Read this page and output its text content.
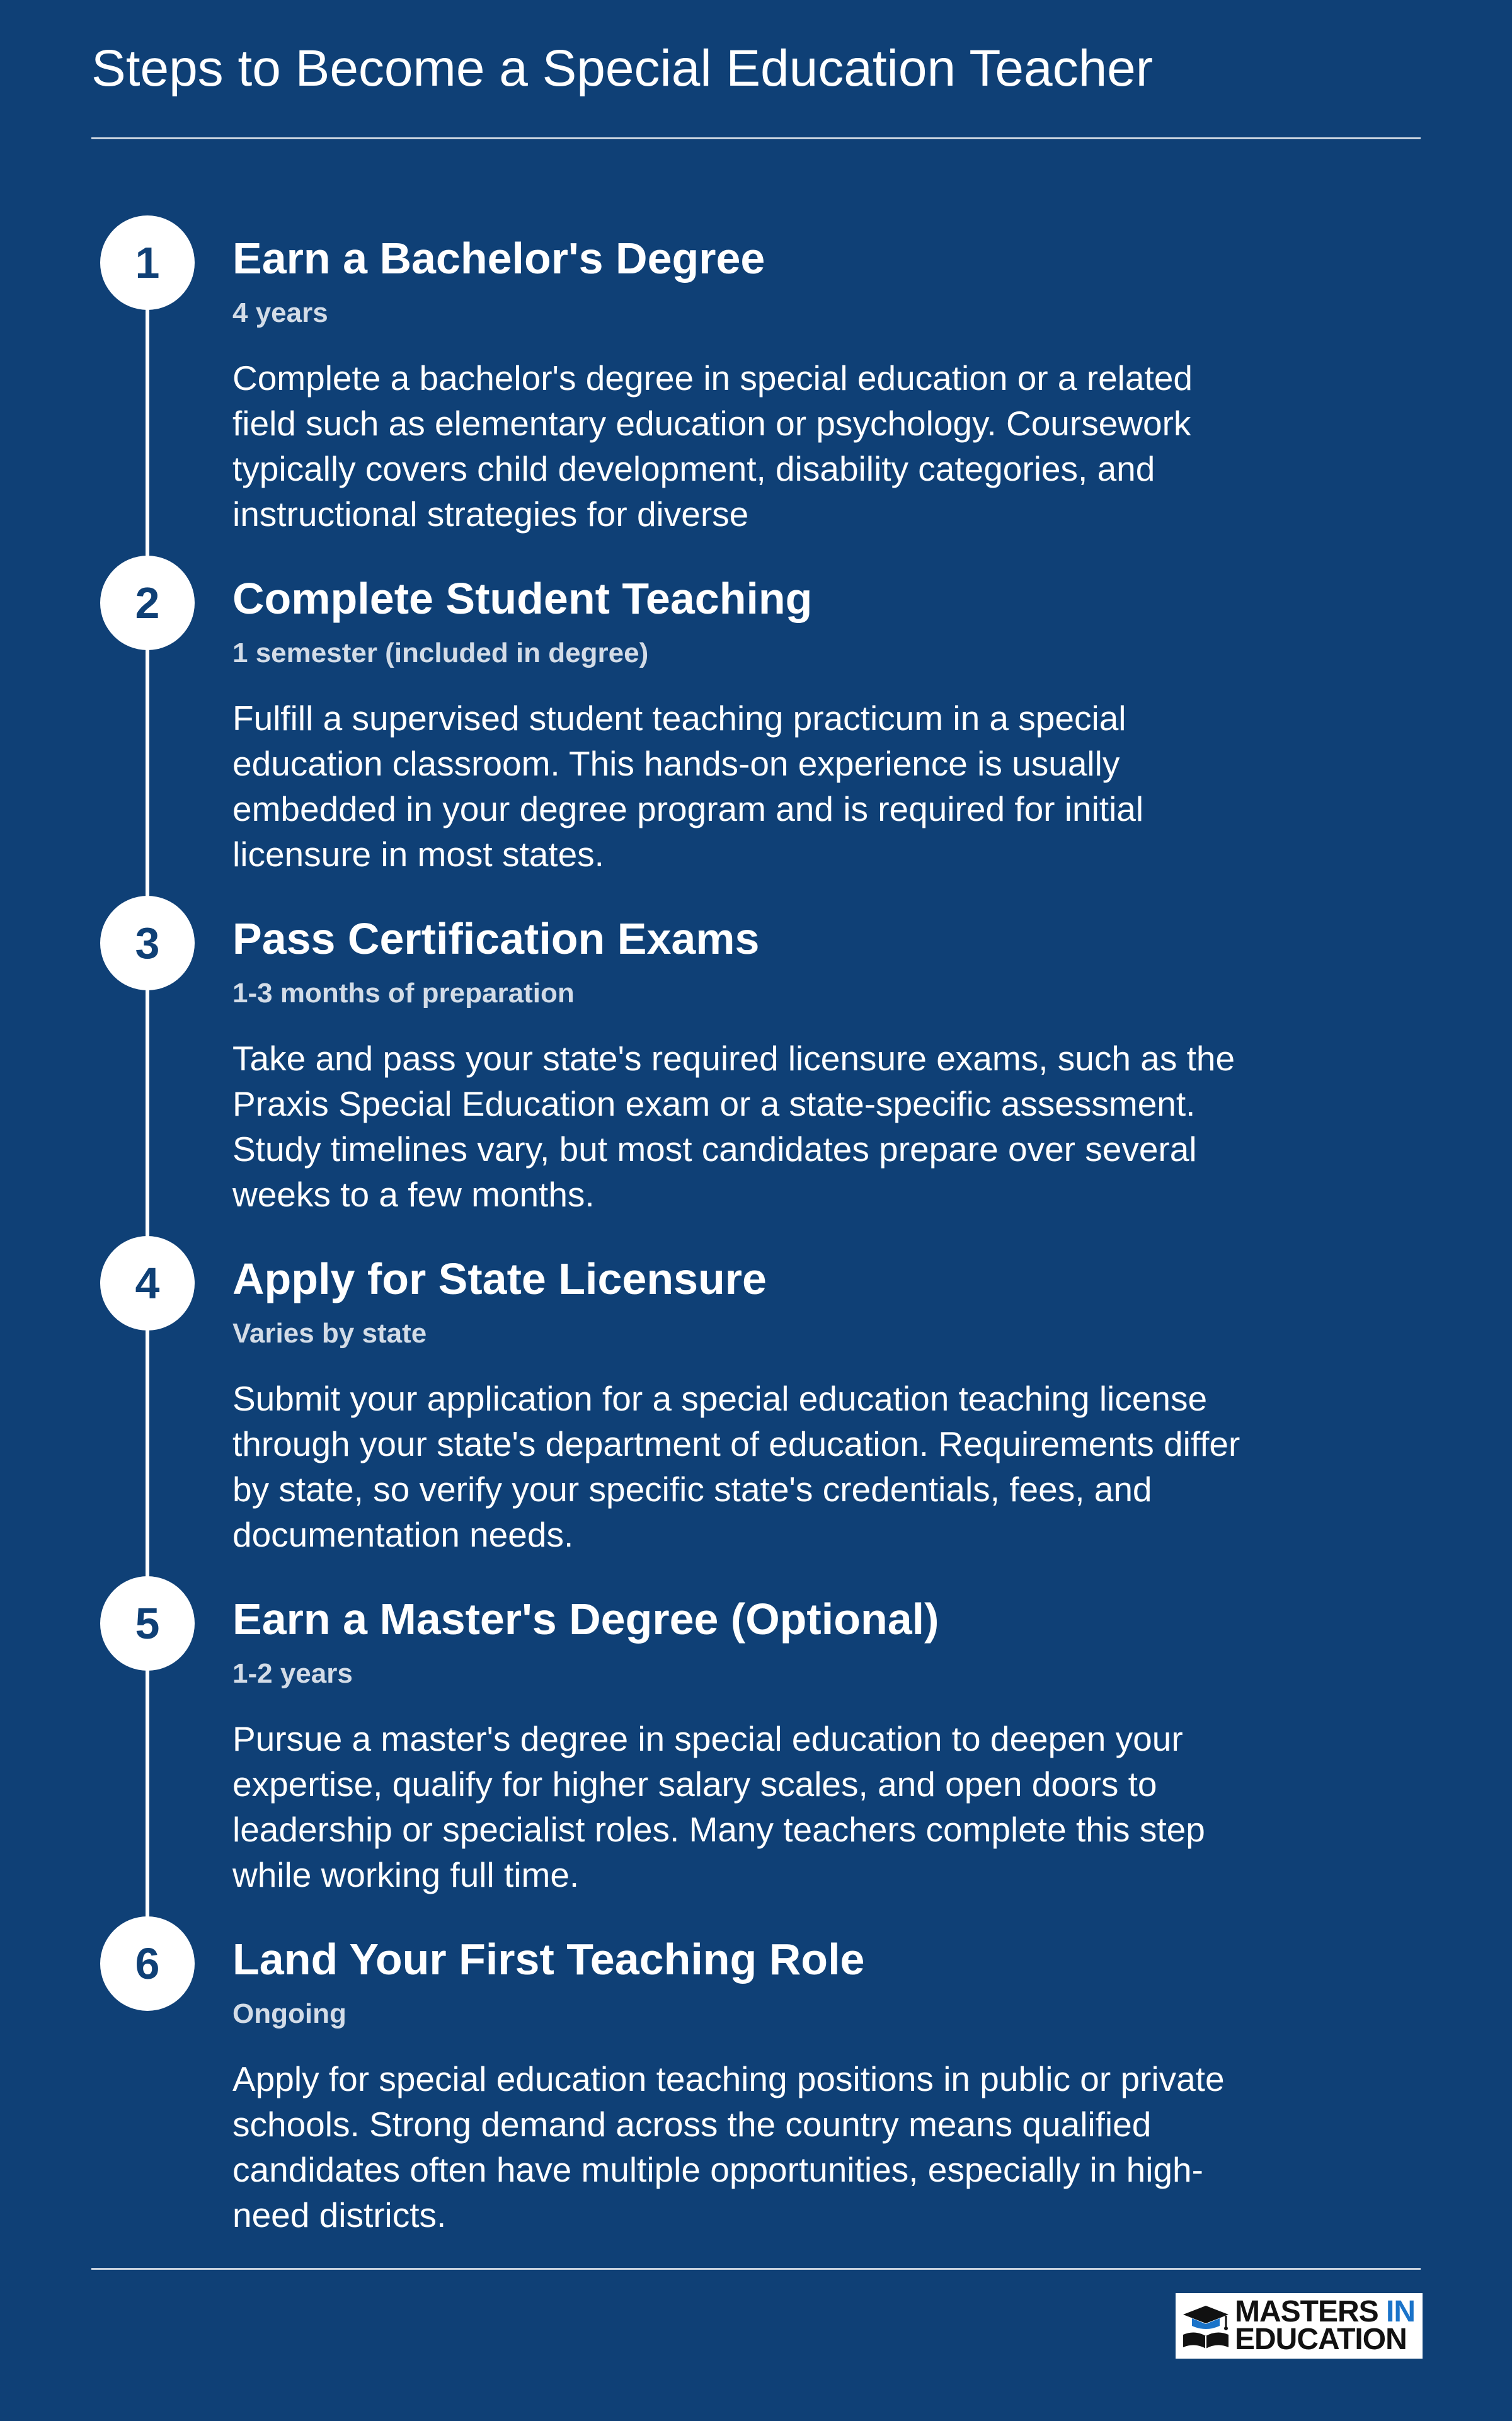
Steps to Become a Special Education Teacher
1	Earn a Bachelor's Degree
4 years
Complete a bachelor's degree in special education or a related field such as elementary education or psychology. Coursework typically covers child development, disability categories, and instructional strategies for diverse
2	Complete Student Teaching
1 semester (included in degree)
Fulfill a supervised student teaching practicum in a special education classroom. This hands-on experience is usually embedded in your degree program and is required for initial licensure in most states.
3	Pass Certification Exams
1-3 months of preparation
Take and pass your state's required licensure exams, such as the Praxis Special Education exam or a state-specific assessment. Study timelines vary, but most candidates prepare over several weeks to a few months.
4	Apply for State Licensure
Varies by state
Submit your application for a special education teaching license through your state's department of education. Requirements differ by state, so verify your specific state's credentials, fees, and documentation needs.
5	Earn a Master's Degree (Optional)
1-2 years
Pursue a master's degree in special education to deepen your expertise, qualify for higher salary scales, and open doors to leadership or specialist roles. Many teachers complete this step while working full time.
6	Land Your First Teaching Role
Ongoing
Apply for special education teaching positions in public or private schools. Strong demand across the country means qualified candidates often have multiple opportunities, especially in high-need districts.
MASTERS IN
EDUCATION
